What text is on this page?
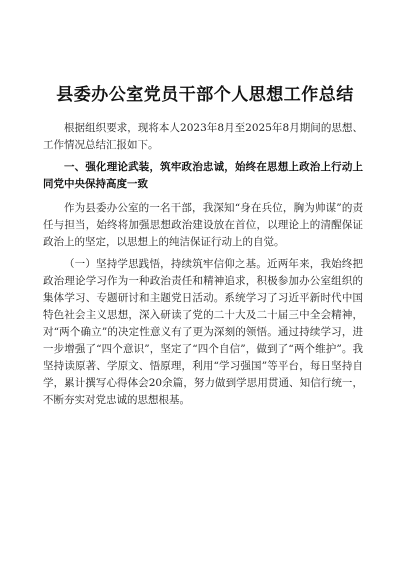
县委办公室党员干部个人思想工作总结

根据组织要求，现将本人2023年8月至2025年8月期间的思想、工作情况总结汇报如下。

一、强化理论武装，筑牢政治忠诚，始终在思想上政治上行动上同党中央保持高度一致

作为县委办公室的一名干部，我深知“身在兵位，胸为帅谋”的责任与担当，始终将加强思想政治建设放在首位，以理论上的清醒保证政治上的坚定，以思想上的纯洁保证行动上的自觉。

（一）坚持学思践悟，持续筑牢信仰之基。近两年来，我始终把政治理论学习作为一种政治责任和精神追求，积极参加办公室组织的集体学习、专题研讨和主题党日活动。系统学习了习近平新时代中国特色社会主义思想，深入研读了党的二十大及二十届三中全会精神，对“两个确立”的决定性意义有了更为深刻的领悟。通过持续学习，进一步增强了“四个意识”，坚定了“四个自信”，做到了“两个维护”。我坚持读原著、学原文、悟原理，利用“学习强国”等平台，每日坚持自学，累计撰写心得体会20余篇，努力做到学思用贯通、知信行统一，不断夯实对党忠诚的思想根基。
